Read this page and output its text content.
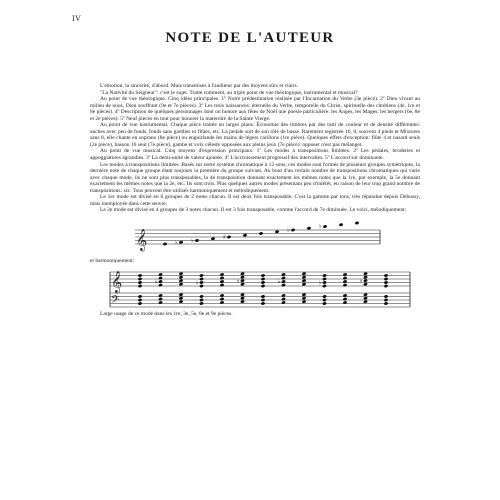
IV
NOTE DE L'AUTEUR

L'émotion, la sincérité, d'abord. Mais transmises à l'auditeur par des moyens sûrs et clairs.

"La Nativité du Seigneur": c'est le sujet. Traité comment, au triple point de vue théologique, instrumental et musical?

Au point de vue théologique. Cinq idées principales. 1º Notre prédestination réalisée par l'Incarnation du Verbe (3e pièce). 2º Dieu vivant au milieu de nous, Dieu souffrant (9e et 7e pièces). 3º Les trois naissances: éternelle du Verbe, temporelle du Christ, spirituelle des chrétiens (4e, 1re et 8e pièces). 4º Description de quelques personnages dont on honore aux fêtes de Noël une poésie particulière: les Anges, les Mages, les bergers (6e, 8e et 2e pièces). 5º Neuf pièces en tout pour honorer la maternité de la Sainte Vierge.

Au point de vue instrumental. Chaque pièce traitée en larges plans. Économie des timbres par des tutti de couleur et de densité différentes: anches avec peu de fonds, fonds sans gambes ni flûtes, etc. La pédale sort de son rôle de basse. Rarement registrée 16, 8, souvent 4 pieds et Mixtures sans 8, elle chante en soprano (8e pièce) ou enguirlande les mains de légers carillons (1re pièce). Quelques effets d'exception: flûte 4 et nasard seuls (2e pièce), basson 16 seul (7e pièce), gambe et voix céleste opposées aux pleins jeux (7e pièce): opposer n'est pas mélanger.

Au point de vue musical. Cinq moyens d'expression principaux. 1º Les modes à transpositions limitées. 2º Les pédales, broderies et appoggiatures agrandies. 3º La demi-unité de valeur ajoutée. 4º L'accroissement progressif des intervalles. 5º L'accord sur dominante.

Les modes à transpositions limitées. Basés sur notre système chromatique à 12 sons, ces modes sont formés de plusieurs groupes symétriques, la dernière note de chaque groupe étant toujours la première du groupe suivant. Au bout d'un certain nombre de transpositions chromatiques qui varie avec chaque mode, ils ne sont plus transposables, la 4e transposition donnant exactement les mêmes notes que la 1re, par exemple, la 5e donnant exactement les mêmes notes que la 2e, etc. Ils sont trois. Plus quelques autres modes présentant peu d'intérêt, en raison de leur trop grand nombre de transpositions: six. Tous peuvent être utilisés harmoniquement et mélodiquement.

Le 1er mode est divisé en 6 groupes de 2 notes chacun. Il est deux fois transposable. C'est la gamme par tons, très répandue depuis Debussy, mais inemployée dans cette œuvre.

Le 2e mode est divisé en 4 groupes de 3 notes chacun. Il est 3 fois transposable, comme l'accord de 7e diminuée. Le voici, mélodiquement:

𝄞	♭ ♭	♯
♭	♮

et harmoniquement:

𝄞
𝄢
♭	♭	♭	♭	♭	♭

Large usage de ce mode dans les 1re, 3e, 5e, 8e et 9e pièces.
